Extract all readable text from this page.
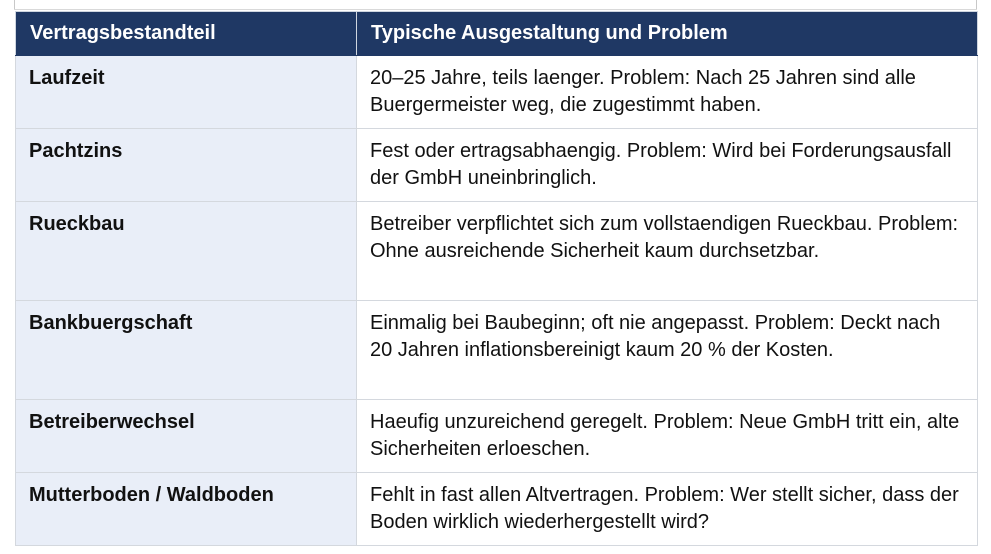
Vertragsbestandteil	Typische Ausgestaltung und Problem
Laufzeit	20–25 Jahre, teils laenger. Problem: Nach 25 Jahren sind alle Buergermeister weg, die zugestimmt haben.
Pachtzins	Fest oder ertragsabhaengig. Problem: Wird bei Forderungsausfall der GmbH uneinbringlich.
Rueckbau	Betreiber verpflichtet sich zum vollstaendigen Rueckbau. Problem: Ohne ausreichende Sicherheit kaum durchsetzbar.
Bankbuergschaft	Einmalig bei Baubeginn; oft nie angepasst. Problem: Deckt nach 20 Jahren inflationsbereinigt kaum 20 % der Kosten.
Betreiberwechsel	Haeufig unzureichend geregelt. Problem: Neue GmbH tritt ein, alte Sicherheiten erloeschen.
Mutterboden / Waldboden	Fehlt in fast allen Altvertragen. Problem: Wer stellt sicher, dass der Boden wirklich wiederhergestellt wird?
